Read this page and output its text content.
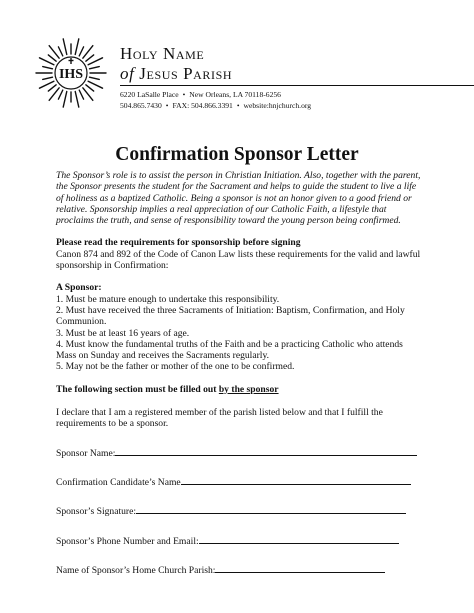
IHS
Holy Name
of Jesus Parish
6220 LaSalle Place • New Orleans, LA 70118-6256
504.865.7430 • FAX: 504.866.3391 • website:hnjchurch.org
Confirmation Sponsor Letter

The Sponsor’s role is to assist the person in Christian Initiation. Also, together with the parent, the Sponsor presents the student for the Sacrament and helps to guide the student to live a life of holiness as a baptized Catholic. Being a sponsor is not an honor given to a good friend or relative. Sponsorship implies a real appreciation of our Catholic Faith, a lifestyle that proclaims the truth, and sense of responsibility toward the young person being confirmed.

Please read the requirements for sponsorship before signing

Canon 874 and 892 of the Code of Canon Law lists these requirements for the valid and lawful sponsorship in Confirmation:

A Sponsor:

1. Must be mature enough to undertake this responsibility.

2. Must have received the three Sacraments of Initiation: Baptism, Confirmation, and Holy Communion.

3. Must be at least 16 years of age.

4. Must know the fundamental truths of the Faith and be a practicing Catholic who attends Mass on Sunday and receives the Sacraments regularly.

5. May not be the father or mother of the one to be confirmed.

The following section must be filled out by the sponsor

I declare that I am a registered member of the parish listed below and that I fulfill the requirements to be a sponsor.

Sponsor Name:
Confirmation Candidate’s Name
Sponsor’s Signature:
Sponsor’s Phone Number and Email:
Name of Sponsor’s Home Church Parish:
